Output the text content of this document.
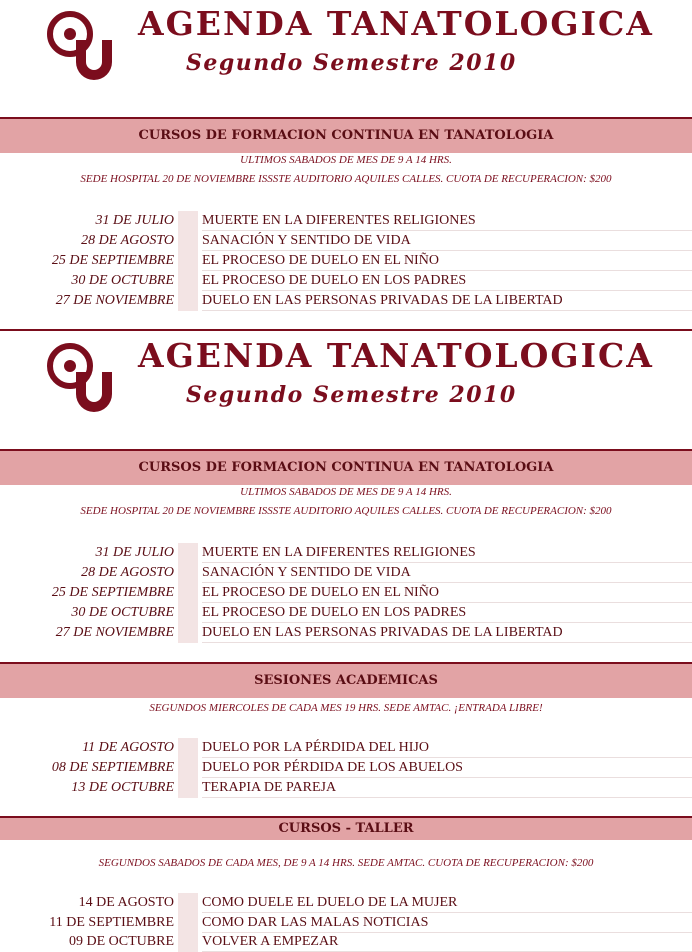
AGENDA TANATOLOGICA
Segundo Semestre 2010
CURSOS DE FORMACION CONTINUA EN TANATOLOGIA
ULTIMOS SABADOS DE MES DE 9 A 14 HRS.
SEDE HOSPITAL 20 DE NOVIEMBRE ISSSTE AUDITORIO AQUILES CALLES. CUOTA DE RECUPERACION: $200
31 DE JULIO MUERTE EN LA DIFERENTES RELIGIONES
28 DE AGOSTO SANACIÓN Y SENTIDO DE VIDA
25 DE SEPTIEMBRE EL PROCESO DE DUELO EN EL NIÑO
30 DE OCTUBRE EL PROCESO DE DUELO EN LOS PADRES
27 DE NOVIEMBRE DUELO EN LAS PERSONAS PRIVADAS DE LA LIBERTAD
AGENDA TANATOLOGICA
Segundo Semestre 2010
CURSOS DE FORMACION CONTINUA EN TANATOLOGIA
ULTIMOS SABADOS DE MES DE 9 A 14 HRS.
SEDE HOSPITAL 20 DE NOVIEMBRE ISSSTE AUDITORIO AQUILES CALLES. CUOTA DE RECUPERACION: $200
31 DE JULIO MUERTE EN LA DIFERENTES RELIGIONES
28 DE AGOSTO SANACIÓN Y SENTIDO DE VIDA
25 DE SEPTIEMBRE EL PROCESO DE DUELO EN EL NIÑO
30 DE OCTUBRE EL PROCESO DE DUELO EN LOS PADRES
27 DE NOVIEMBRE DUELO EN LAS PERSONAS PRIVADAS DE LA LIBERTAD
SESIONES ACADEMICAS
SEGUNDOS MIERCOLES DE CADA MES 19 HRS. SEDE AMTAC. ¡ENTRADA LIBRE!
11 DE AGOSTO DUELO POR LA PÉRDIDA DEL HIJO
08 DE SEPTIEMBRE DUELO POR PÉRDIDA DE LOS ABUELOS
13 DE OCTUBRE TERAPIA DE PAREJA
CURSOS - TALLER
SEGUNDOS SABADOS DE CADA MES, DE 9 A 14 HRS. SEDE AMTAC. CUOTA DE RECUPERACION: $200
14 DE AGOSTO COMO DUELE EL DUELO DE LA MUJER
11 DE SEPTIEMBRE COMO DAR LAS MALAS NOTICIAS
09 DE OCTUBRE VOLVER A EMPEZAR
